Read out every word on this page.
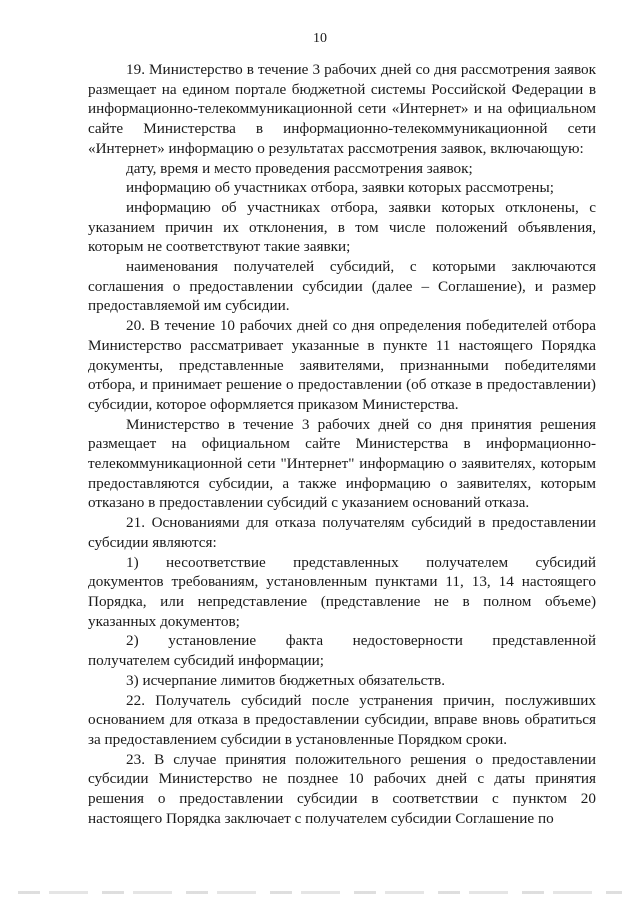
10

19. Министерство в течение 3 рабочих дней со дня рассмотрения заявок

размещает на едином портале бюджетной системы Российской Федерации в

информационно-телекоммуникационной сети «Интернет» и на официальном

сайте Министерства в информационно-телекоммуникационной сети

«Интернет» информацию о результатах рассмотрения заявок, включающую:

дату, время и место проведения рассмотрения заявок;

информацию об участниках отбора, заявки которых рассмотрены;

информацию об участниках отбора, заявки которых отклонены, с

указанием причин их отклонения, в том числе положений объявления,

которым не соответствуют такие заявки;

наименования получателей субсидий, с которыми заключаются

соглашения о предоставлении субсидии (далее – Соглашение), и размер

предоставляемой им субсидии.

20. В течение 10 рабочих дней со дня определения победителей отбора

Министерство рассматривает указанные в пункте 11 настоящего Порядка

документы, представленные заявителями, признанными победителями

отбора, и принимает решение о предоставлении (об отказе в предоставлении)

субсидии, которое оформляется приказом Министерства.

Министерство в течение 3 рабочих дней со дня принятия решения

размещает на официальном сайте Министерства в информационно-

телекоммуникационной сети "Интернет" информацию о заявителях, которым

предоставляются субсидии, а также информацию о заявителях, которым

отказано в предоставлении субсидий с указанием оснований отказа.

21. Основаниями для отказа получателям субсидий в предоставлении

субсидии являются:

1) несоответствие представленных получателем субсидий

документов требованиям, установленным пунктами 11, 13, 14 настоящего

Порядка, или непредставление (представление не в полном объеме)

указанных документов;

2) установление факта недостоверности представленной

получателем субсидий информации;

3) исчерпание лимитов бюджетных обязательств.

22. Получатель субсидий после устранения причин, послуживших

основанием для отказа в предоставлении субсидии, вправе вновь обратиться

за предоставлением субсидии в установленные Порядком сроки.

23. В случае принятия положительного решения о предоставлении

субсидии Министерство не позднее 10 рабочих дней с даты принятия

решения о предоставлении субсидии в соответствии с пунктом 20

настоящего Порядка заключает с получателем субсидии Соглашение по
